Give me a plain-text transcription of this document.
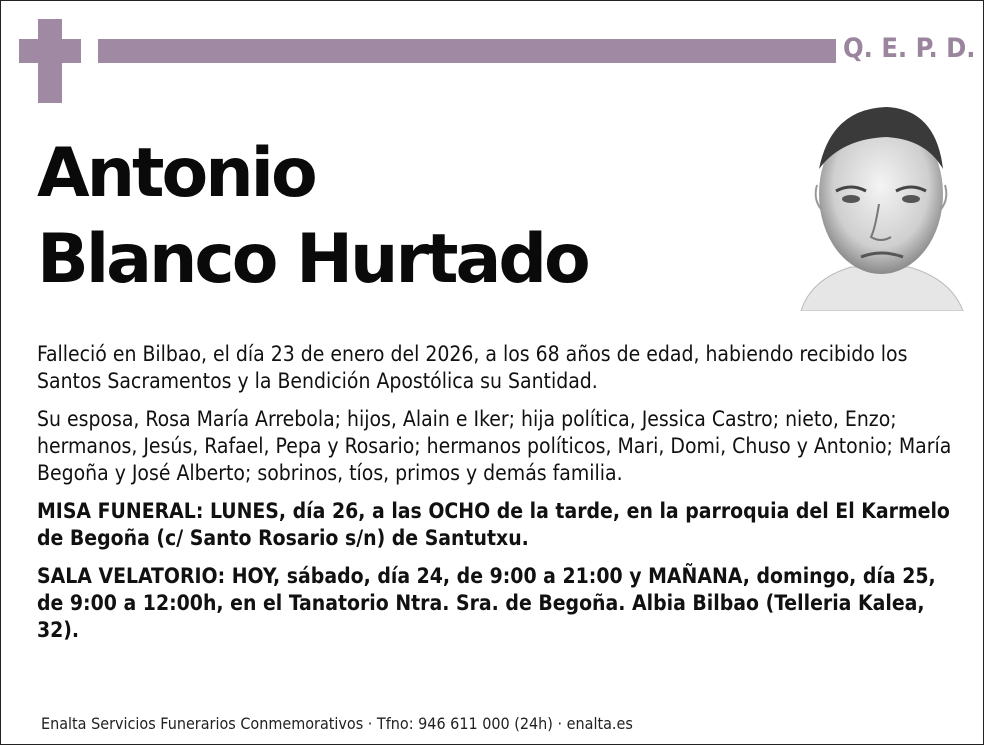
Q. E. P. D.
Antonio
Blanco Hurtado

Falleció en Bilbao, el día 23 de enero del 2026, a los 68 años de edad, habiendo recibido los Santos Sacramentos y la Bendición Apostólica su Santidad.

Su esposa, Rosa María Arrebola; hijos, Alain e Iker; hija política, Jessica Castro; nieto, Enzo; hermanos, Jesús, Rafael, Pepa y Rosario; hermanos políticos, Mari, Domi, Chuso y Antonio; María Begoña y José Alberto; sobrinos, tíos, primos y demás familia.

MISA FUNERAL: LUNES, día 26, a las OCHO de la tarde, en la parroquia del El Karmelo de Begoña (c/ Santo Rosario s/n) de Santutxu.

SALA VELATORIO: HOY, sábado, día 24, de 9:00 a 21:00 y MAÑANA, domingo, día 25, de 9:00 a 12:00h, en el Tanatorio Ntra. Sra. de Begoña. Albia Bilbao (Telleria Kalea, 32).

Enalta Servicios Funerarios Conmemorativos · Tfno: 946 611 000 (24h) · enalta.es
